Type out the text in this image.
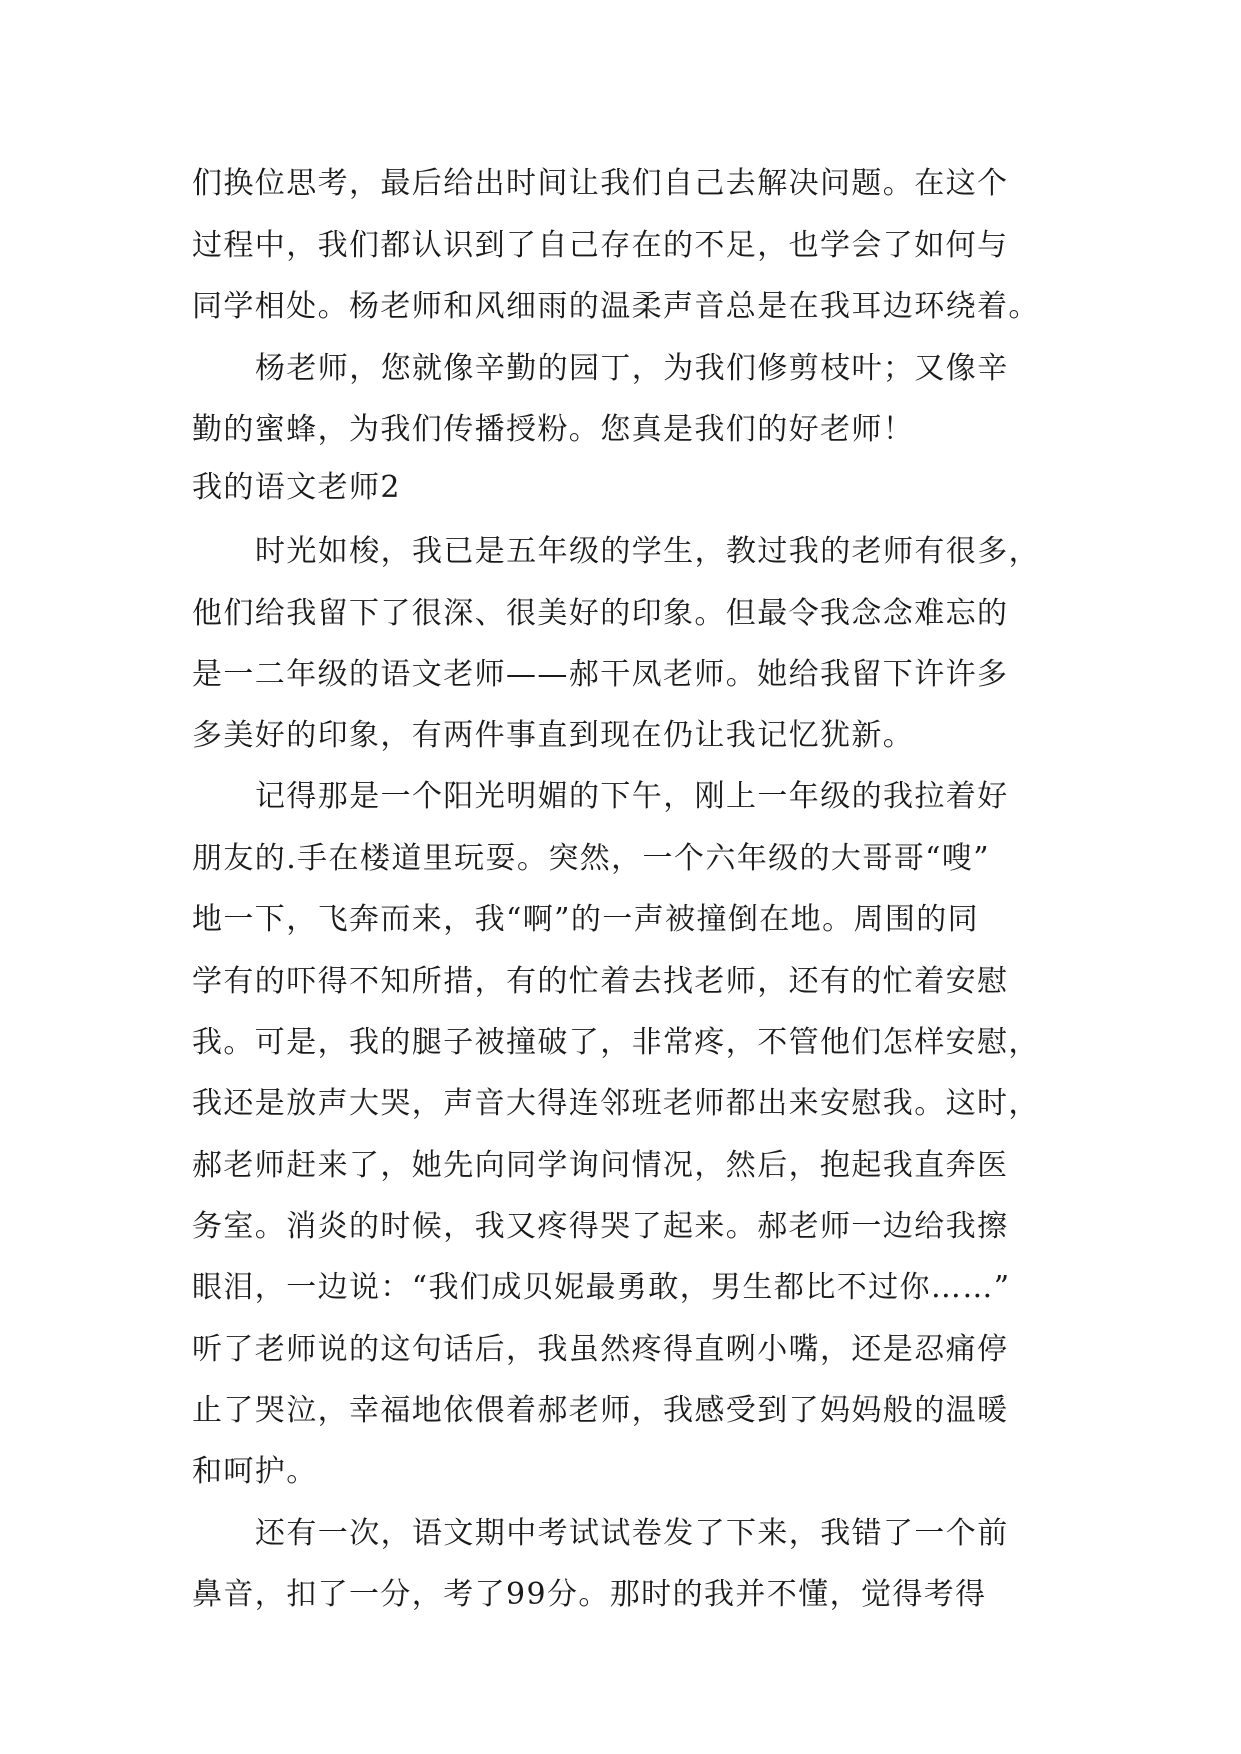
们换位思考，最后给出时间让我们自己去解决问题。在这个
过程中，我们都认识到了自己存在的不足，也学会了如何与
同学相处。杨老师和风细雨的温柔声音总是在我耳边环绕着。
杨老师，您就像辛勤的园丁，为我们修剪枝叶；又像辛
勤的蜜蜂，为我们传播授粉。您真是我们的好老师！
我的语文老师2
时光如梭，我已是五年级的学生，教过我的老师有很多，
他们给我留下了很深、很美好的印象。但最令我念念难忘的
是一二年级的语文老师——郝干凤老师。她给我留下许许多
多美好的印象，有两件事直到现在仍让我记忆犹新。
记得那是一个阳光明媚的下午，刚上一年级的我拉着好
朋友的.手在楼道里玩耍。突然，一个六年级的大哥哥“嗖”
地一下，飞奔而来，我“啊”的一声被撞倒在地。周围的同
学有的吓得不知所措，有的忙着去找老师，还有的忙着安慰
我。可是，我的腿子被撞破了，非常疼，不管他们怎样安慰，
我还是放声大哭，声音大得连邻班老师都出来安慰我。这时，
郝老师赶来了，她先向同学询问情况，然后，抱起我直奔医
务室。消炎的时候，我又疼得哭了起来。郝老师一边给我擦
眼泪，一边说：“我们成贝妮最勇敢，男生都比不过你……”
听了老师说的这句话后，我虽然疼得直咧小嘴，还是忍痛停
止了哭泣，幸福地依偎着郝老师，我感受到了妈妈般的温暖
和呵护。
还有一次，语文期中考试试卷发了下来，我错了一个前
鼻音，扣了一分，考了99分。那时的我并不懂，觉得考得
